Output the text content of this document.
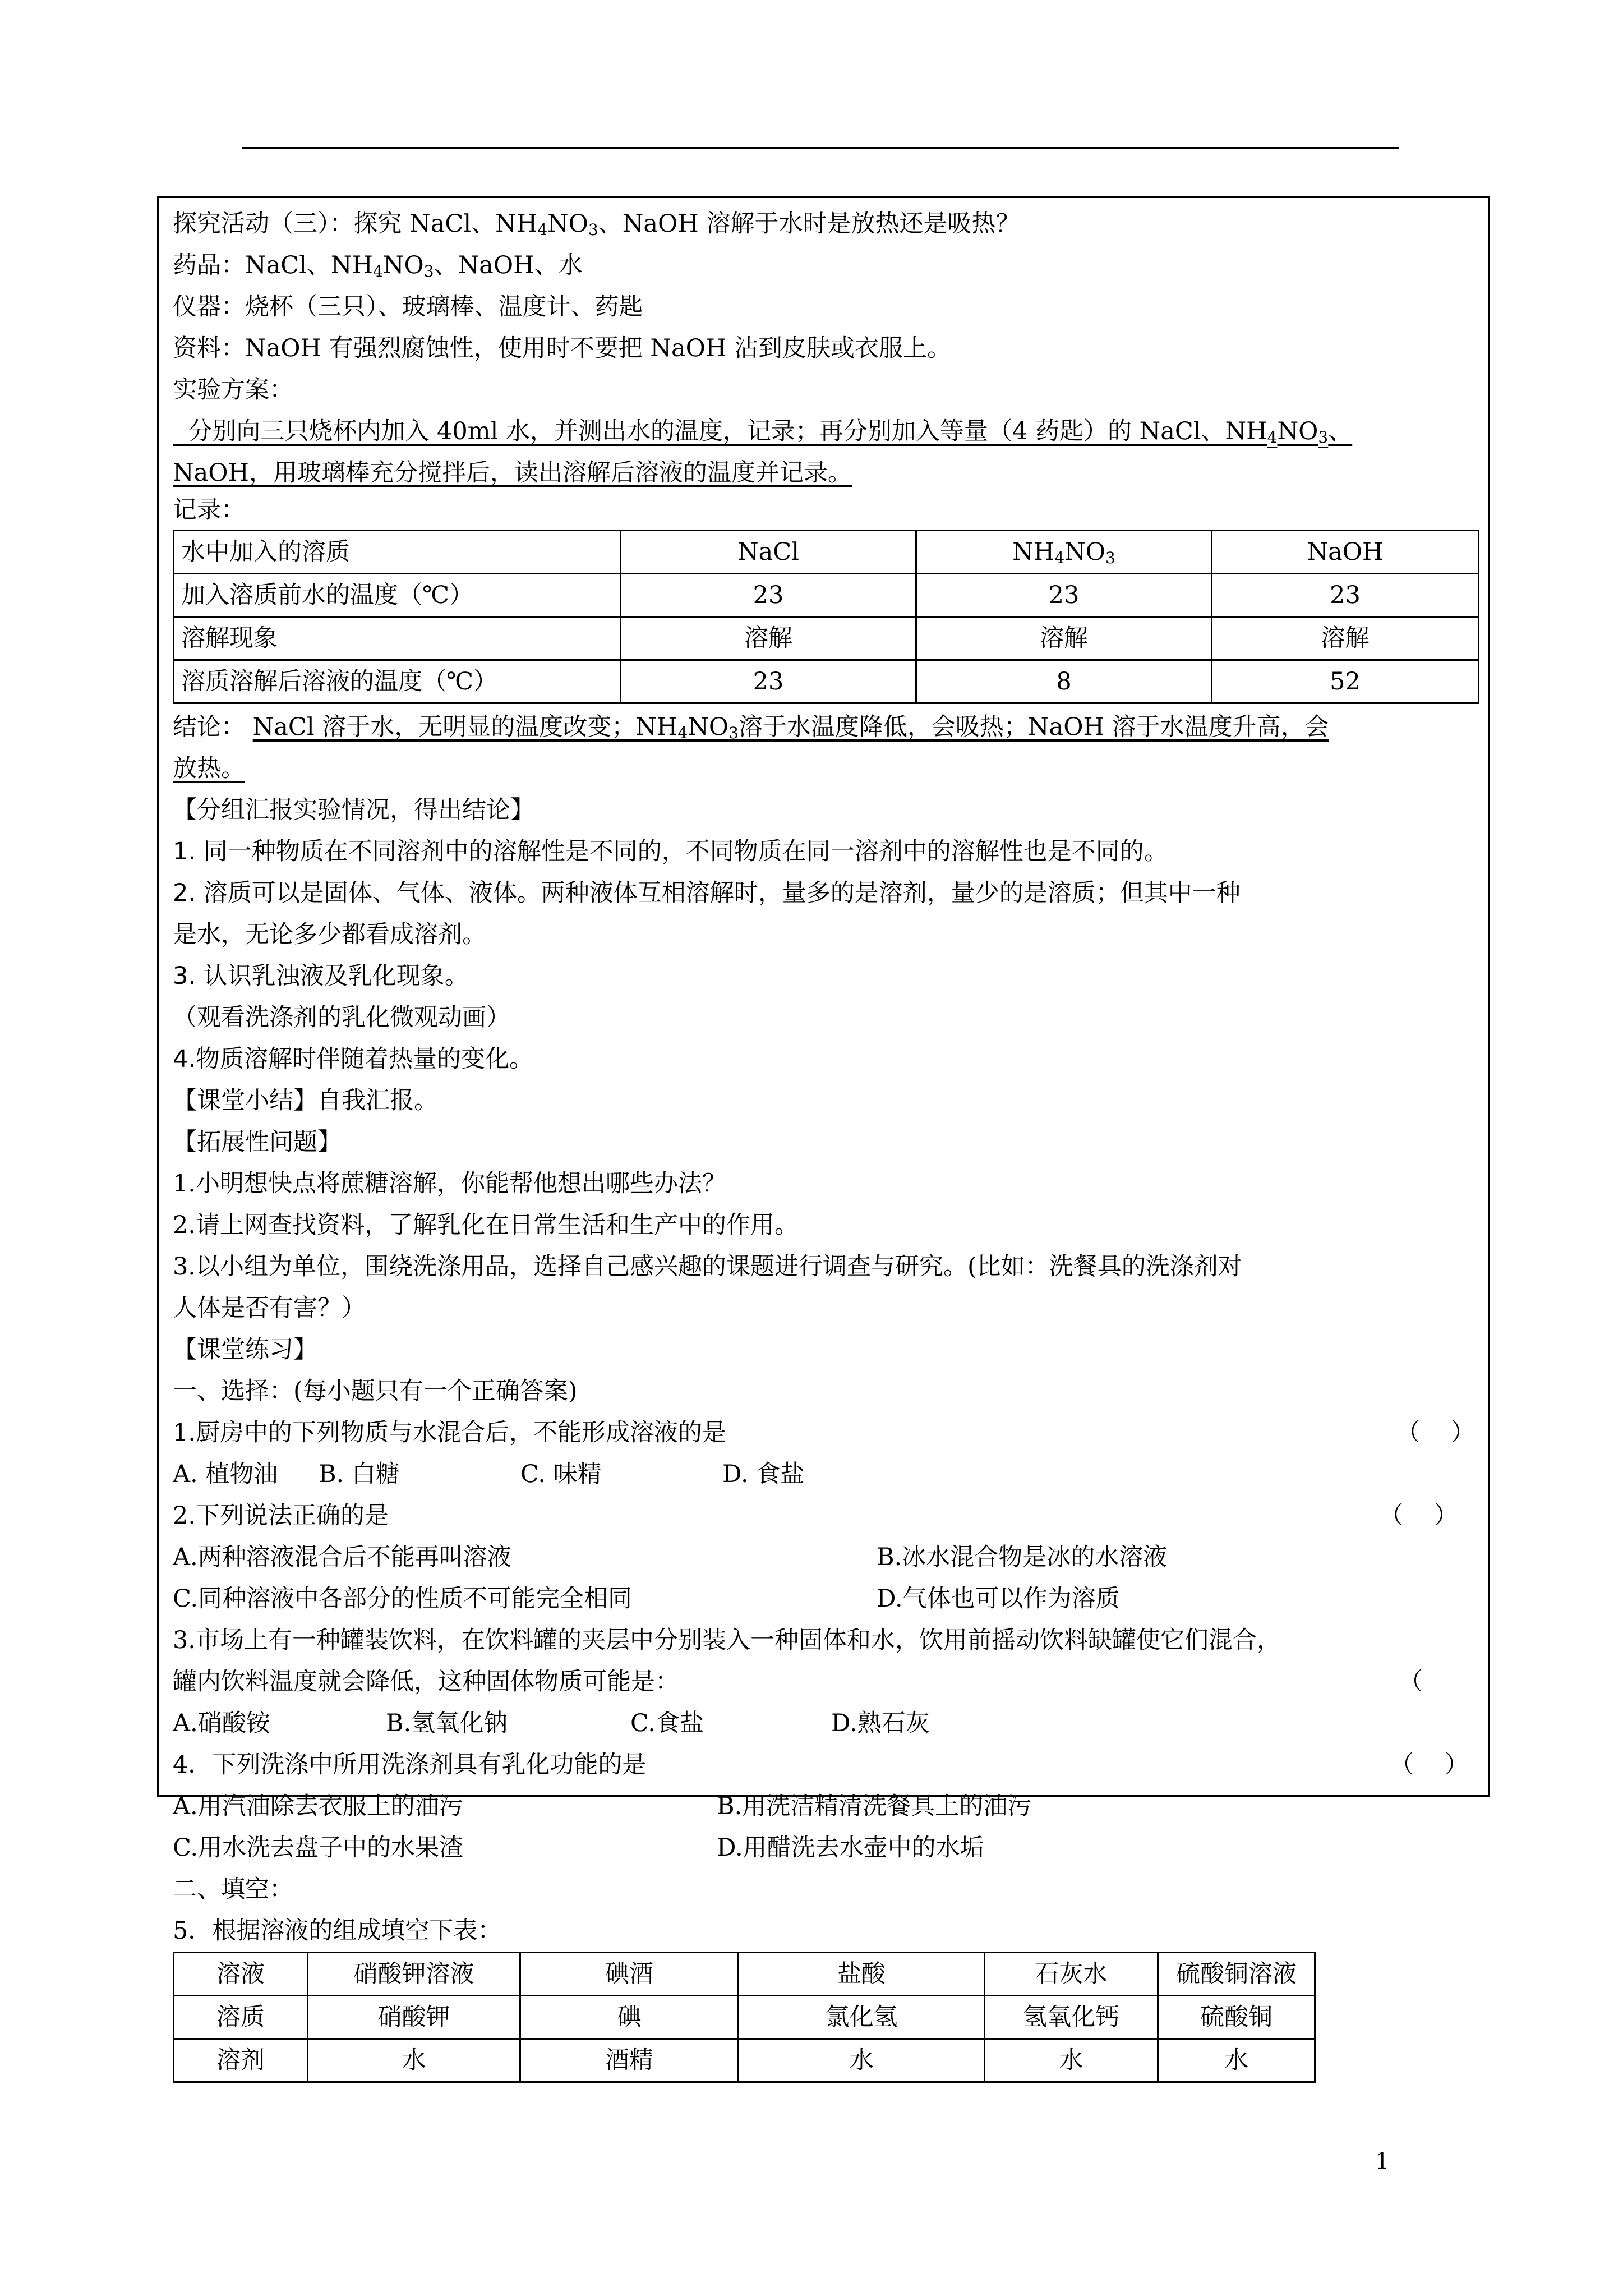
探究活动（三）：探究 NaCl、$NH_4NO_3$、NaOH 溶解于水时是放热还是吸热？
药品：NaCl、$NH_4NO_3$、NaOH、水
仪器：烧杯（三只）、玻璃棒、温度计、药匙
资料：NaOH 有强烈腐蚀性，使用时不要把 NaOH 沾到皮肤或衣服上。
实验方案：
分别向三只烧杯内加入 40ml 水，并测出水的温度，记录；再分别加入等量（4 药匙）的 NaCl、$NH_4NO_3$、
NaOH，用玻璃棒充分搅拌后，读出溶解后溶液的温度并记录。
记录：
水中加入的溶质	NaCl	$NH_4NO_3$	NaOH
加入溶质前水的温度（℃）	23	23	23
溶解现象	溶解	溶解	溶解
溶质溶解后溶液的温度（℃）	23	8	52
结论： NaCl 溶于水，无明显的温度改变；$NH_4NO_3$溶于水温度降低，会吸热；NaOH 溶于水温度升高，会
放热。
【分组汇报实验情况，得出结论】
1. 同一种物质在不同溶剂中的溶解性是不同的，不同物质在同一溶剂中的溶解性也是不同的。
2. 溶质可以是固体、气体、液体。两种液体互相溶解时，量多的是溶剂，量少的是溶质；但其中一种
是水，无论多少都看成溶剂。
3. 认识乳浊液及乳化现象。
（观看洗涤剂的乳化微观动画）
4.物质溶解时伴随着热量的变化。
【课堂小结】自我汇报。
【拓展性问题】
1.小明想快点将蔗糖溶解，你能帮他想出哪些办法？
2.请上网查找资料，了解乳化在日常生活和生产中的作用。
3.以小组为单位，围绕洗涤用品，选择自己感兴趣的课题进行调查与研究。(比如：洗餐具的洗涤剂对
人体是否有害？）
【课堂练习】
一、选择：(每小题只有一个正确答案)
1.厨房中的下列物质与水混合后，不能形成溶液的是	（    ）
A. 植物油	B. 白糖	C. 味精	D. 食盐
2.下列说法正确的是	（    ）
A.两种溶液混合后不能再叫溶液	B.冰水混合物是冰的水溶液
C.同种溶液中各部分的性质不可能完全相同	D.气体也可以作为溶质
3.市场上有一种罐装饮料，在饮料罐的夹层中分别装入一种固体和水，饮用前摇动饮料缺罐使它们混合，
罐内饮料温度就会降低，这种固体物质可能是：	（
A.硝酸铵	B.氢氧化钠	C.食盐	D.熟石灰
4．下列洗涤中所用洗涤剂具有乳化功能的是	（    ）
A.用汽油除去衣服上的油污	B.用洗洁精清洗餐具上的油污
C.用水洗去盘子中的水果渣	D.用醋洗去水壶中的水垢
二、填空：
5．根据溶液的组成填空下表：
溶液	硝酸钾溶液	碘酒	盐酸	石灰水	硫酸铜溶液
溶质	硝酸钾	碘	氯化氢	氢氧化钙	硫酸铜
溶剂	水	酒精	水	水	水
1
